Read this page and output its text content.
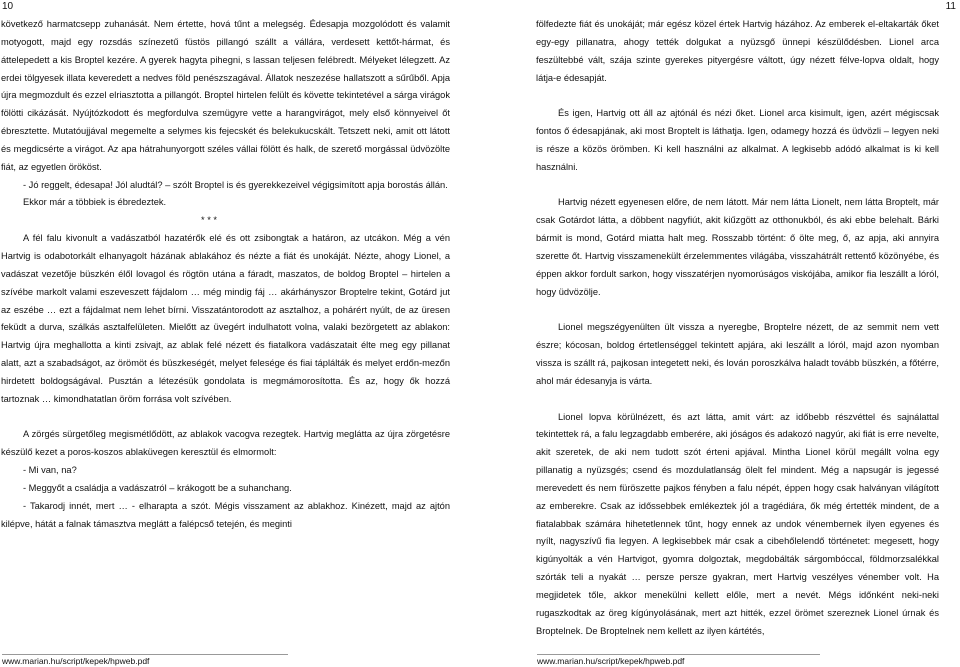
10

következő harmatcsepp zuhanását. Nem értette, hová tűnt a melegség. Édesapja mozgolódott és valamit motyogott, majd egy rozsdás színezetű füstös pillangó szállt a vállára, verdesett kettőt-hármat, és áttelepedett a kis Broptel kezére. A gyerek hagyta pihegni, s lassan teljesen felébredt. Mélyeket lélegzett. Az erdei tölgyesek illata keveredett a nedves föld penészszagával. Állatok neszezése hallatszott a sűrűből. Apja újra megmozdult és ezzel elriasztotta a pillangót. Broptel hirtelen felült és követte tekintetével a sárga virágok fölötti cikázását. Nyújtózkodott és megfordulva szemügyre vette a harangvirágot, mely első könnyeivel őt ébresztette. Mutatóujjával megemelte a selymes kis fejecskét és belekukucskált. Tetszett neki, amit ott látott és megdicsérte a virágot. Az apa hátrahunyorgott széles vállai fölött és halk, de szerető morgással üdvözölte fiát, az egyetlen örököst.

- Jó reggelt, édesapa! Jól aludtál? – szólt Broptel is és gyerekkezeivel végigsimított apja borostás állán.

Ekkor már a többiek is ébredeztek.

* * *

A fél falu kivonult a vadászatból hazatérők elé és ott zsibongtak a határon, az utcákon. Még a vén Hartvig is odabotorkált elhanyagolt házának ablakához és nézte a fiát és unokáját. Nézte, ahogy Lionel, a vadászat vezetője büszkén élől lovagol és rögtön utána a fáradt, maszatos, de boldog Broptel – hirtelen a szívébe markolt valami eszeveszett fájdalom … még mindig fáj … akárhányszor Broptelre tekint, Gotárd jut az eszébe … ezt a fájdalmat nem lehet bírni. Visszatántorodott az asztalhoz, a pohárért nyúlt, de az üresen feküdt a durva, szálkás asztalfelületen. Mielőtt az üvegért indulhatott volna, valaki bezörgetett az ablakon: Hartvig újra meghallotta a kinti zsivajt, az ablak felé nézett és fiatalkora vadászatait élte meg egy pillanat alatt, azt a szabadságot, az örömöt és büszkeségét, melyet felesége és fiai táplálták és melyet erdőn-mezőn hirdetett boldogságával. Pusztán a létezésük gondolata is megmámorosította. És az, hogy ők hozzá tartoznak … kimondhatatlan öröm forrása volt szívében.

A zörgés sürgetőleg megismétlődött, az ablakok vacogva rezegtek. Hartvig meglátta az újra zörgetésre készülő kezet a poros-koszos ablaküvegen keresztül és elmormolt:

- Mi van, na?

- Meggyőt a családja a vadászatról – krákogott be a suhanchang.

- Takarodj innét, mert … - elharapta a szót. Mégis visszament az ablakhoz. Kinézett, majd az ajtón kilépve, hátát a falnak támasztva meglátt a falépcső tetején, és meginti

www.marian.hu/script/kepek/hpweb.pdf
11

fölfedezte fiát és unokáját; már egész közel értek Hartvig házához. Az emberek el-eltakarták őket egy-egy pillanatra, ahogy tették dolgukat a nyüzsgő ünnepi készülődésben. Lionel arca feszültebbé vált, szája szinte gyerekes pityergésre váltott, úgy nézett félve-lopva oldalt, hogy látja-e édesapját.

És igen, Hartvig ott áll az ajtónál és nézi őket. Lionel arca kisimult, igen, azért mégiscsak fontos ő édesapjának, aki most Broptelt is láthatja. Igen, odamegy hozzá és üdvözli – legyen neki is része a közös örömben. Ki kell használni az alkalmat. A legkisebb adódó alkalmat is ki kell használni.

Hartvig nézett egyenesen előre, de nem látott. Már nem látta Lionelt, nem látta Broptelt, már csak Gotárdot látta, a döbbent nagyfiút, akit kiűzgött az otthonukból, és aki ebbe belehalt. Bárki bármit is mond, Gotárd miatta halt meg. Rosszabb történt: ő ölte meg, ő, az apja, aki annyira szerette őt. Hartvig visszamenekült érzelemmentes világába, visszahátrált rettentő közönyébe, és éppen akkor fordult sarkon, hogy visszatérjen nyomorúságos viskójába, amikor fia leszállt a lóról, hogy üdvözölje.

Lionel megszégyenülten ült vissza a nyeregbe, Broptelre nézett, de az semmit nem vett észre; kócosan, boldog értetlenséggel tekintett apjára, aki leszállt a lóról, majd azon nyomban vissza is szállt rá, pajkosan integetett neki, és lován poroszkálva haladt tovább büszkén, a főtérre, ahol már édesanyja is várta.

Lionel lopva körülnézett, és azt látta, amit várt: az időbebb részvéttel és sajnálattal tekintettek rá, a falu legzagdabb emberére, aki jóságos és adakozó nagyúr, aki fiát is erre nevelte, akit szeretek, de aki nem tudott szót érteni apjával. Mintha Lionel körül megállt volna egy pillanatig a nyüzsgés; csend és mozdulatlanság ölelt fel mindent. Még a napsugár is jegessé merevedett és nem füröszette pajkos fényben a falu népét, éppen hogy csak halványan világított az emberekre. Csak az időssebbek emlékeztek jól a tragédiára, ők még értették mindent, de a fiatalabbak számára hihetetlennek tűnt, hogy ennek az undok vénembernek ilyen egyenes és nyílt, nagyszívű fia legyen. A legkisebbek már csak a cibehőlelendő történetet: megesett, hogy kigúnyolták a vén Hartvigot, gyomra dolgoztak, megdobálták sárgombóccal, földmorzsalékkal szórták teli a nyakát … persze persze gyakran, mert Hartvig veszélyes vénember volt. Ha megjidetek tőle, akkor menekülni kellett előle, mert a nevét. Mégs időnként neki-neki rugaszkodtak az öreg kígúnyolásának, mert azt hitték, ezzel örömet szereznek Lionel úrnak és Broptelnek. De Broptelnek nem kellett az ilyen kártétés,

www.marian.hu/script/kepek/hpweb.pdf
